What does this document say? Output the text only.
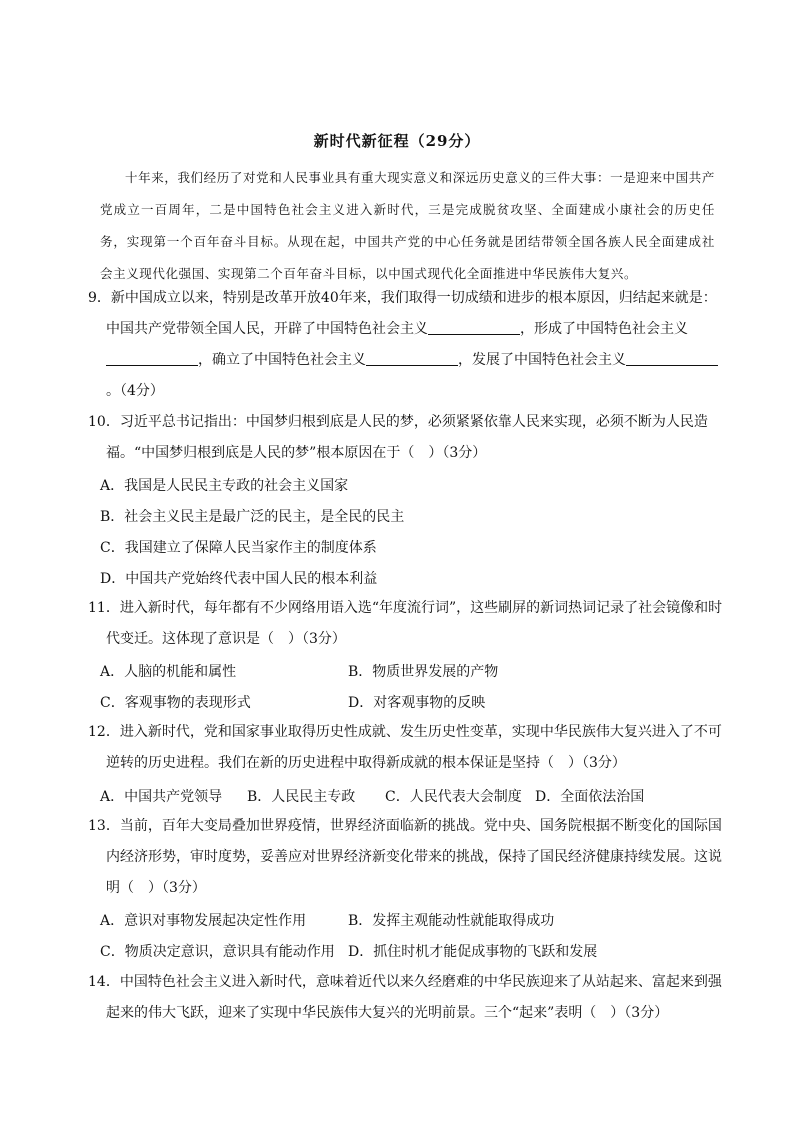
新时代新征程（29分）
十年来，我们经历了对党和人民事业具有重大现实意义和深远历史意义的三件大事：一是迎来中国共产党成立一百周年，二是中国特色社会主义进入新时代，三是完成脱贫攻坚、全面建成小康社会的历史任务，实现第一个百年奋斗目标。从现在起，中国共产党的中心任务就是团结带领全国各族人民全面建成社会主义现代化强国、实现第二个百年奋斗目标，以中国式现代化全面推进中华民族伟大复兴。
9．新中国成立以来，特别是改革开放40年来，我们取得一切成绩和进步的根本原因，归结起来就是：中国共产党带领全国人民，开辟了中国特色社会主义	，形成了中国特色社会主义，确立了中国特色社会主义	，发展了中国特色社会主义。（4分）
10．习近平总书记指出：中国梦归根到底是人民的梦，必须紧紧依靠人民来实现，必须不断为人民造福。“中国梦归根到底是人民的梦”根本原因在于（　）（3分）
A．我国是人民民主专政的社会主义国家
B．社会主义民主是最广泛的民主，是全民的民主
C．我国建立了保障人民当家作主的制度体系
D．中国共产党始终代表中国人民的根本利益
11．进入新时代，每年都有不少网络用语入选“年度流行词”，这些刷屏的新词热词记录了社会镜像和时代变迁。这体现了意识是（　）（3分）
A．人脑的机能和属性	B．物质世界发展的产物
C．客观事物的表现形式	D．对客观事物的反映
12．进入新时代，党和国家事业取得历史性成就、发生历史性变革，实现中华民族伟大复兴进入了不可逆转的历史进程。我们在新的历史进程中取得新成就的根本保证是坚持（　）（3分）
A．中国共产党领导 B．人民民主专政 C．人民代表大会制度 D．全面依法治国
13．当前，百年大变局叠加世界疫情，世界经济面临新的挑战。党中央、国务院根据不断变化的国际国内经济形势，审时度势，妥善应对世界经济新变化带来的挑战，保持了国民经济健康持续发展。这说明（　）（3分）
A．意识对事物发展起决定性作用	B．发挥主观能动性就能取得成功
C．物质决定意识，意识具有能动作用 D．抓住时机才能促成事物的飞跃和发展
14．中国特色社会主义进入新时代，意味着近代以来久经磨难的中华民族迎来了从站起来、富起来到强起来的伟大飞跃，迎来了实现中华民族伟大复兴的光明前景。三个“起来”表明（　）（3分）
